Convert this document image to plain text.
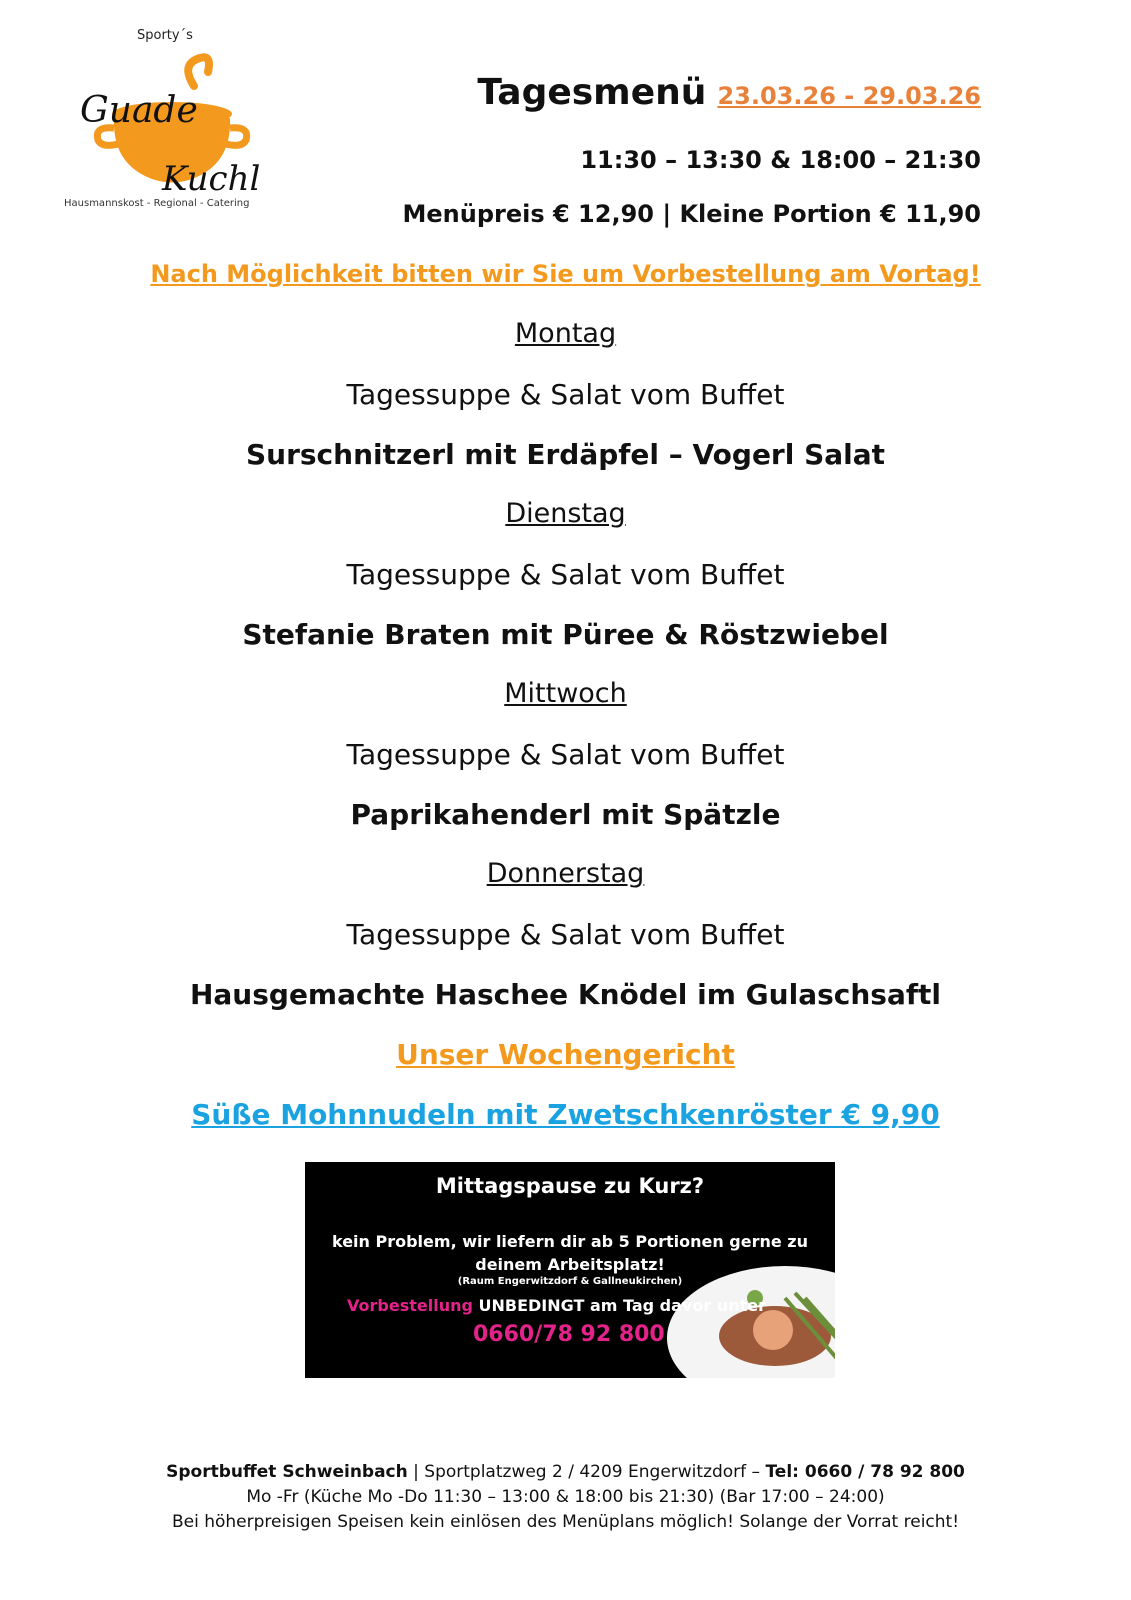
Sporty´s
Guade
Kuchl
Hausmannskost - Regional - Catering
Tagesmenü 23.03.26 - 29.03.26
11:30 – 13:30 & 18:00 – 21:30
Menüpreis € 12,90 | Kleine Portion € 11,90
Nach Möglichkeit bitten wir Sie um Vorbestellung am Vortag!
Montag
Tagessuppe & Salat vom Buffet
Surschnitzerl mit Erdäpfel – Vogerl Salat
Dienstag
Tagessuppe & Salat vom Buffet
Stefanie Braten mit Püree & Röstzwiebel
Mittwoch
Tagessuppe & Salat vom Buffet
Paprikahenderl mit Spätzle
Donnerstag
Tagessuppe & Salat vom Buffet
Hausgemachte Haschee Knödel im Gulaschsaftl
Unser Wochengericht
Süße Mohnnudeln mit Zwetschkenröster € 9,90
Mittagspause zu Kurz?
kein Problem, wir liefern dir ab 5 Portionen gerne zu
deinem Arbeitsplatz!
(Raum Engerwitzdorf & Gallneukirchen)
Vorbestellung UNBEDINGT am Tag davor unter
0660/78 92 800
Sportbuffet Schweinbach | Sportplatzweg 2 / 4209 Engerwitzdorf – Tel: 0660 / 78 92 800
Mo -Fr (Küche Mo -Do 11:30 – 13:00 & 18:00 bis 21:30) (Bar 17:00 – 24:00)
Bei höherpreisigen Speisen kein einlösen des Menüplans möglich! Solange der Vorrat reicht!
